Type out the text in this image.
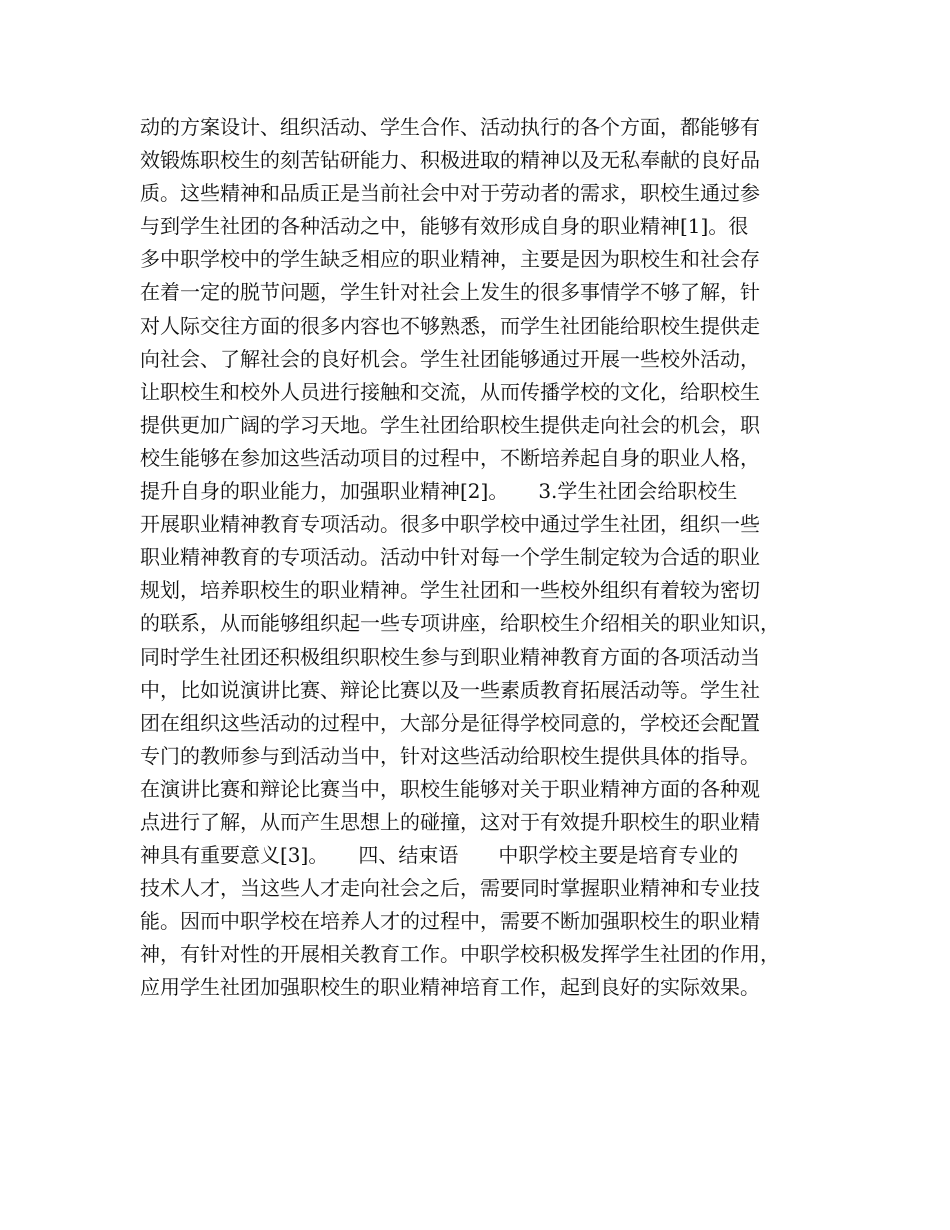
动的方案设计、组织活动、学生合作、活动执行的各个方面，都能够有
效锻炼职校生的刻苦钻研能力、积极进取的精神以及无私奉献的良好品
质。这些精神和品质正是当前社会中对于劳动者的需求，职校生通过参
与到学生社团的各种活动之中，能够有效形成自身的职业精神[1]。很
多中职学校中的学生缺乏相应的职业精神，主要是因为职校生和社会存
在着一定的脱节问题，学生针对社会上发生的很多事情学不够了解，针
对人际交往方面的很多内容也不够熟悉，而学生社团能给职校生提供走
向社会、了解社会的良好机会。学生社团能够通过开展一些校外活动，
让职校生和校外人员进行接触和交流，从而传播学校的文化，给职校生
提供更加广阔的学习天地。学生社团给职校生提供走向社会的机会，职
校生能够在参加这些活动项目的过程中，不断培养起自身的职业人格，
提升自身的职业能力，加强职业精神[2]。　　3.学生社团会给职校生
开展职业精神教育专项活动。很多中职学校中通过学生社团，组织一些
职业精神教育的专项活动。活动中针对每一个学生制定较为合适的职业
规划，培养职校生的职业精神。学生社团和一些校外组织有着较为密切
的联系，从而能够组织起一些专项讲座，给职校生介绍相关的职业知识，
同时学生社团还积极组织职校生参与到职业精神教育方面的各项活动当
中，比如说演讲比赛、辩论比赛以及一些素质教育拓展活动等。学生社
团在组织这些活动的过程中，大部分是征得学校同意的，学校还会配置
专门的教师参与到活动当中，针对这些活动给职校生提供具体的指导。
在演讲比赛和辩论比赛当中，职校生能够对关于职业精神方面的各种观
点进行了解，从而产生思想上的碰撞，这对于有效提升职校生的职业精
神具有重要意义[3]。　　四、结束语　　中职学校主要是培育专业的
技术人才，当这些人才走向社会之后，需要同时掌握职业精神和专业技
能。因而中职学校在培养人才的过程中，需要不断加强职校生的职业精
神，有针对性的开展相关教育工作。中职学校积极发挥学生社团的作用，
应用学生社团加强职校生的职业精神培育工作，起到良好的实际效果。
